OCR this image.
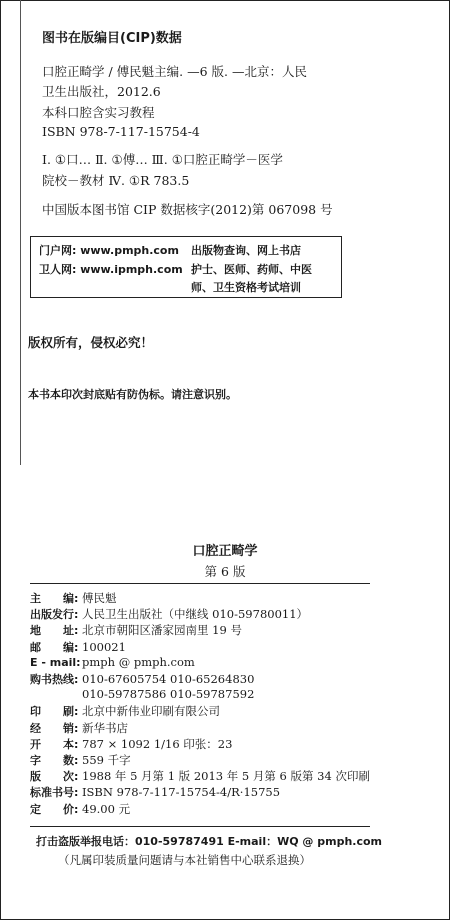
图书在版编目(CIP)数据
口腔正畸学 / 傅民魁主编. —6 版. —北京：人民
卫生出版社，2012.6
本科口腔含实习教程
ISBN 978-7-117-15754-4
Ⅰ. ①口… Ⅱ. ①傅… Ⅲ. ①口腔正畸学－医学
院校－教材 Ⅳ. ①R 783.5
中国版本图书馆 CIP 数据核字(2012)第 067098 号
门户网: www.pmph.com
卫人网: www.ipmph.com
出版物查询、网上书店
护士、医师、药师、中医
师、卫生资格考试培训
版权所有，侵权必究！
本书本印次封底贴有防伪标。请注意识别。
口腔正畸学
第 6 版
主　　编: 傅民魁
出版发行: 人民卫生出版社（中继线 010-59780011）
地　　址: 北京市朝阳区潘家园南里 19 号
邮　　编: 100021
E - mail:pmph @ pmph.com
购书热线: 010-67605754 010-65264830
010-59787586 010-59787592
印　　刷: 北京中新伟业印刷有限公司
经　　销: 新华书店
开　　本: 787 × 1092 1/16 印张：23
字　　数: 559 千字
版　　次: 1988 年 5 月第 1 版 2013 年 5 月第 6 版第 34 次印刷
标准书号: ISBN 978-7-117-15754-4/R·15755
定　　价: 49.00 元
打击盗版举报电话：010-59787491 E-mail：WQ @ pmph.com
（凡属印装质量问题请与本社销售中心联系退换）
